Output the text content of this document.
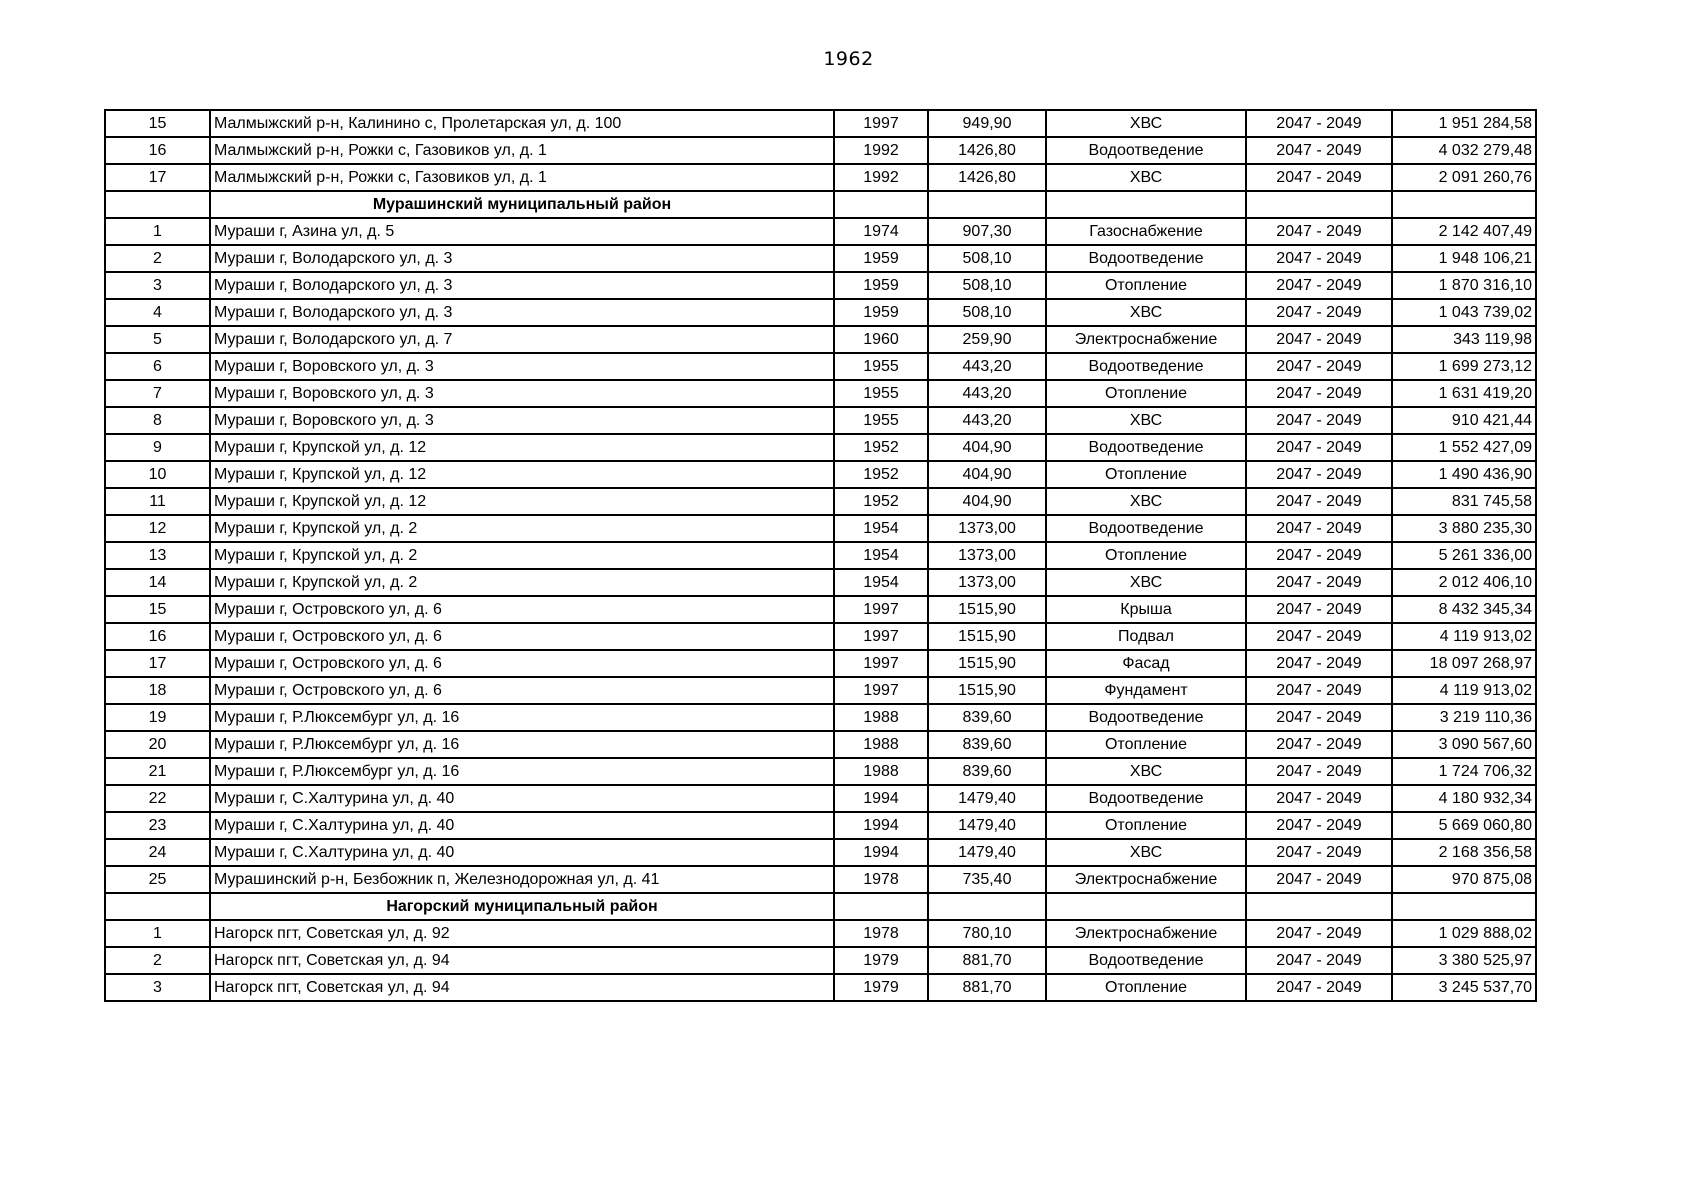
1962
15	Малмыжский р-н, Калинино с, Пролетарская ул, д. 100	1997	949,90	ХВС	2047 - 2049	1 951 284,58
16	Малмыжский р-н, Рожки с, Газовиков ул, д. 1	1992	1426,80	Водоотведение	2047 - 2049	4 032 279,48
17	Малмыжский р-н, Рожки с, Газовиков ул, д. 1	1992	1426,80	ХВС	2047 - 2049	2 091 260,76
	Мурашинский муниципальный район					
1	Мураши г, Азина ул, д. 5	1974	907,30	Газоснабжение	2047 - 2049	2 142 407,49
2	Мураши г, Володарского ул, д. 3	1959	508,10	Водоотведение	2047 - 2049	1 948 106,21
3	Мураши г, Володарского ул, д. 3	1959	508,10	Отопление	2047 - 2049	1 870 316,10
4	Мураши г, Володарского ул, д. 3	1959	508,10	ХВС	2047 - 2049	1 043 739,02
5	Мураши г, Володарского ул, д. 7	1960	259,90	Электроснабжение	2047 - 2049	343 119,98
6	Мураши г, Воровского ул, д. 3	1955	443,20	Водоотведение	2047 - 2049	1 699 273,12
7	Мураши г, Воровского ул, д. 3	1955	443,20	Отопление	2047 - 2049	1 631 419,20
8	Мураши г, Воровского ул, д. 3	1955	443,20	ХВС	2047 - 2049	910 421,44
9	Мураши г, Крупской ул, д. 12	1952	404,90	Водоотведение	2047 - 2049	1 552 427,09
10	Мураши г, Крупской ул, д. 12	1952	404,90	Отопление	2047 - 2049	1 490 436,90
11	Мураши г, Крупской ул, д. 12	1952	404,90	ХВС	2047 - 2049	831 745,58
12	Мураши г, Крупской ул, д. 2	1954	1373,00	Водоотведение	2047 - 2049	3 880 235,30
13	Мураши г, Крупской ул, д. 2	1954	1373,00	Отопление	2047 - 2049	5 261 336,00
14	Мураши г, Крупской ул, д. 2	1954	1373,00	ХВС	2047 - 2049	2 012 406,10
15	Мураши г, Островского ул, д. 6	1997	1515,90	Крыша	2047 - 2049	8 432 345,34
16	Мураши г, Островского ул, д. 6	1997	1515,90	Подвал	2047 - 2049	4 119 913,02
17	Мураши г, Островского ул, д. 6	1997	1515,90	Фасад	2047 - 2049	18 097 268,97
18	Мураши г, Островского ул, д. 6	1997	1515,90	Фундамент	2047 - 2049	4 119 913,02
19	Мураши г, Р.Люксембург ул, д. 16	1988	839,60	Водоотведение	2047 - 2049	3 219 110,36
20	Мураши г, Р.Люксембург ул, д. 16	1988	839,60	Отопление	2047 - 2049	3 090 567,60
21	Мураши г, Р.Люксембург ул, д. 16	1988	839,60	ХВС	2047 - 2049	1 724 706,32
22	Мураши г, С.Халтурина ул, д. 40	1994	1479,40	Водоотведение	2047 - 2049	4 180 932,34
23	Мураши г, С.Халтурина ул, д. 40	1994	1479,40	Отопление	2047 - 2049	5 669 060,80
24	Мураши г, С.Халтурина ул, д. 40	1994	1479,40	ХВС	2047 - 2049	2 168 356,58
25	Мурашинский р-н, Безбожник п, Железнодорожная ул, д. 41	1978	735,40	Электроснабжение	2047 - 2049	970 875,08
	Нагорский муниципальный район					
1	Нагорск пгт, Советская ул, д. 92	1978	780,10	Электроснабжение	2047 - 2049	1 029 888,02
2	Нагорск пгт, Советская ул, д. 94	1979	881,70	Водоотведение	2047 - 2049	3 380 525,97
3	Нагорск пгт, Советская ул, д. 94	1979	881,70	Отопление	2047 - 2049	3 245 537,70
